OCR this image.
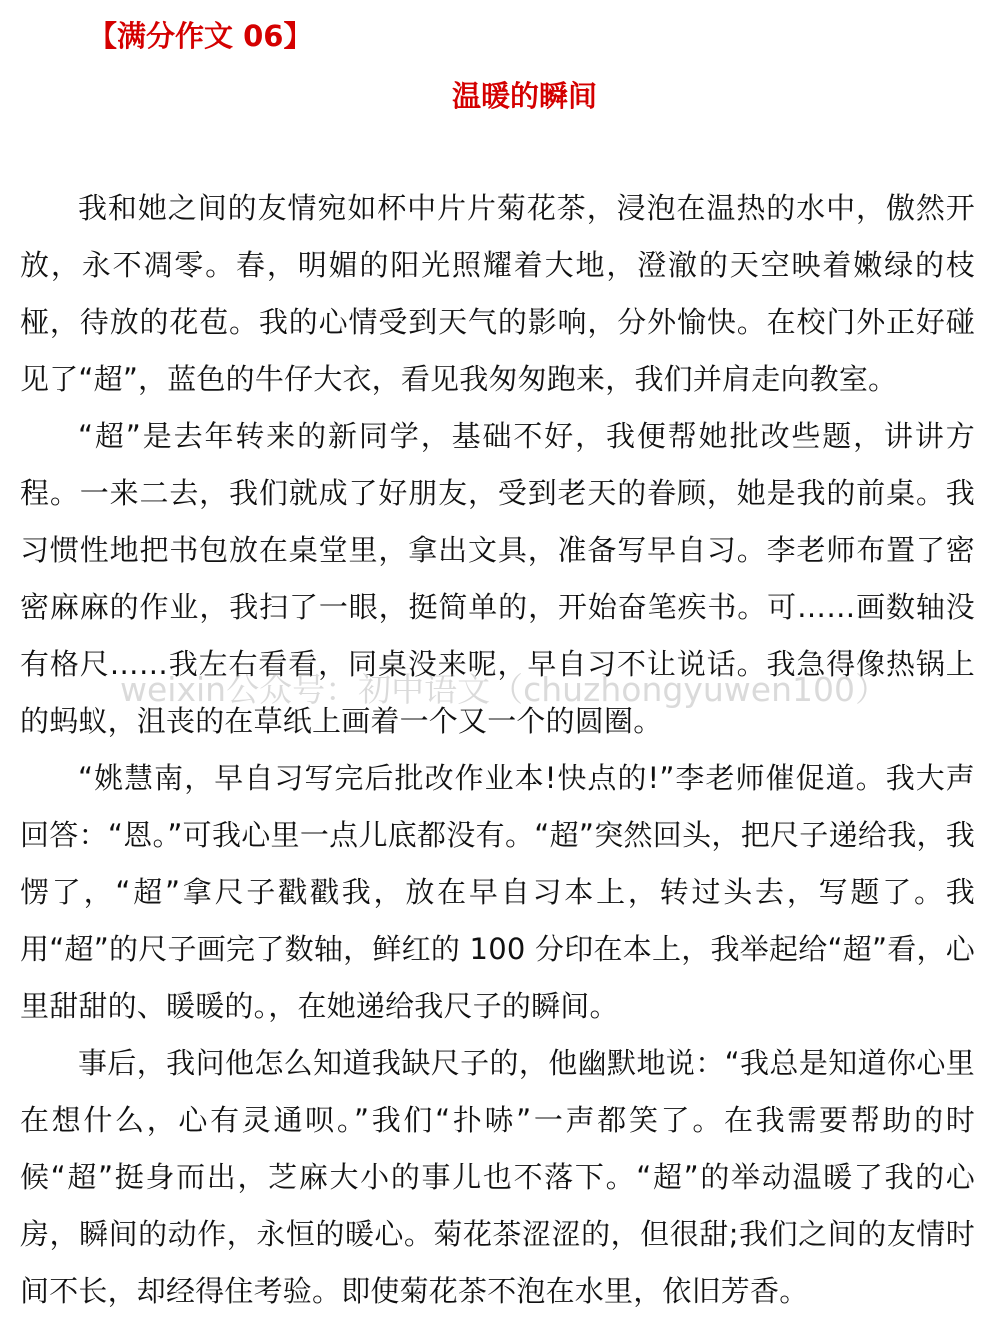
【满分作文 06】
温暖的瞬间

我和她之间的友情宛如杯中片片菊花茶，浸泡在温热的水中，傲然开放，永不凋零。春，明媚的阳光照耀着大地，澄澈的天空映着嫩绿的枝桠，待放的花苞。我的心情受到天气的影响，分外愉快。在校门外正好碰见了“超”，蓝色的牛仔大衣，看见我匆匆跑来，我们并肩走向教室。

“超”是去年转来的新同学，基础不好，我便帮她批改些题，讲讲方程。一来二去，我们就成了好朋友，受到老天的眷顾，她是我的前桌。我习惯性地把书包放在桌堂里，拿出文具，准备写早自习。李老师布置了密密麻麻的作业，我扫了一眼，挺简单的，开始奋笔疾书。可……画数轴没有格尺……我左右看看，同桌没来呢，早自习不让说话。我急得像热锅上的蚂蚁，沮丧的在草纸上画着一个又一个的圆圈。

“姚慧南，早自习写完后批改作业本!快点的!”李老师催促道。我大声回答：“恩。”可我心里一点儿底都没有。“超”突然回头，把尺子递给我，我愣了，“超”拿尺子戳戳我，放在早自习本上，转过头去，写题了。我用“超”的尺子画完了数轴，鲜红的 100 分印在本上，我举起给“超”看，心里甜甜的、暖暖的。，在她递给我尺子的瞬间。

事后，我问他怎么知道我缺尺子的，他幽默地说：“我总是知道你心里在想什么，心有灵通呗。”我们“扑哧”一声都笑了。在我需要帮助的时候“超”挺身而出，芝麻大小的事儿也不落下。“超”的举动温暖了我的心房，瞬间的动作，永恒的暖心。菊花茶涩涩的，但很甜;我们之间的友情时间不长，却经得住考验。即使菊花茶不泡在水里，依旧芳香。

weixin公众号：初中语文（chuzhongyuwen100）
